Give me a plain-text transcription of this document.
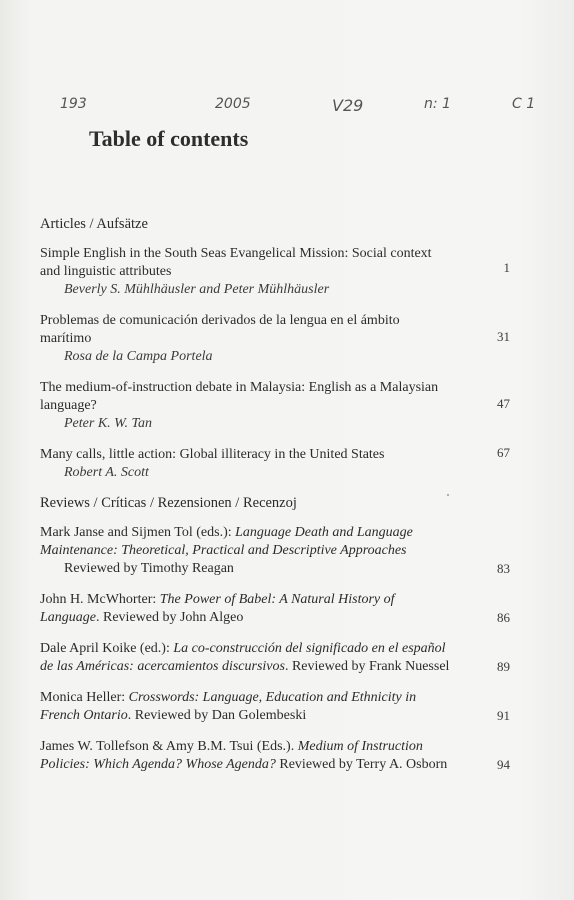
193	2005	V29	n: 1	C 1
Table of contents
Articles / Aufsätze
Simple English in the South Seas Evangelical Mission: Social context and linguistic attributes
Beverly S. Mühlhäusler and Peter Mühlhäusler
1
Problemas de comunicación derivados de la lengua en el ámbito marítimo
Rosa de la Campa Portela
31
The medium-of-instruction debate in Malaysia: English as a Malaysian language?
Peter K. W. Tan
47
Many calls, little action: Global illiteracy in the United States
Robert A. Scott
67
Reviews / Críticas / Rezensionen / Recenzoj
Mark Janse and Sijmen Tol (eds.): Language Death and Language Maintenance: Theoretical, Practical and Descriptive Approaches
Reviewed by Timothy Reagan	83
John H. McWhorter: The Power of Babel: A Natural History of Language. Reviewed by John Algeo	86
Dale April Koike (ed.): La co-construcción del significado en el español de las Américas: acercamientos discursivos. Reviewed by Frank Nuessel	89
Monica Heller: Crosswords: Language, Education and Ethnicity in French Ontario. Reviewed by Dan Golembeski	91
James W. Tollefson & Amy B.M. Tsui (Eds.). Medium of Instruction Policies: Which Agenda? Whose Agenda? Reviewed by Terry A. Osborn	94
